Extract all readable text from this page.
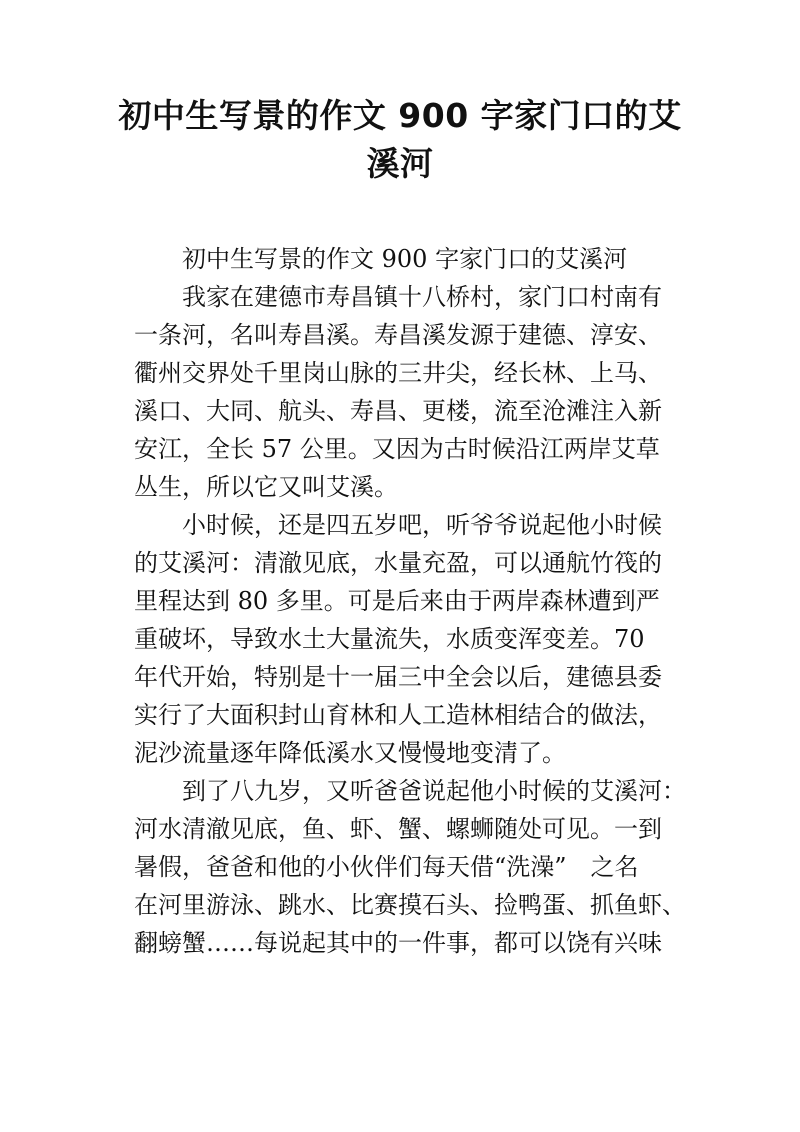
初中生写景的作文 900 字家门口的艾
溪河
初中生写景的作文 900 字家门口的艾溪河
我家在建德市寿昌镇十八桥村，家门口村南有
一条河，名叫寿昌溪。寿昌溪发源于建德、淳安、
衢州交界处千里岗山脉的三井尖，经长林、上马、
溪口、大同、航头、寿昌、更楼，流至沧滩注入新
安江，全长 57 公里。又因为古时候沿江两岸艾草
丛生，所以它又叫艾溪。
小时候，还是四五岁吧，听爷爷说起他小时候
的艾溪河：清澈见底，水量充盈，可以通航竹筏的
里程达到 80 多里。可是后来由于两岸森林遭到严
重破坏，导致水土大量流失，水质变浑变差。70
年代开始，特别是十一届三中全会以后，建德县委
实行了大面积封山育林和人工造林相结合的做法，
泥沙流量逐年降低溪水又慢慢地变清了。
到了八九岁，又听爸爸说起他小时候的艾溪河：
河水清澈见底，鱼、虾、蟹、螺蛳随处可见。一到
暑假，爸爸和他的小伙伴们每天借“洗澡”　之名
在河里游泳、跳水、比赛摸石头、捡鸭蛋、抓鱼虾、
翻螃蟹……每说起其中的一件事，都可以饶有兴味
